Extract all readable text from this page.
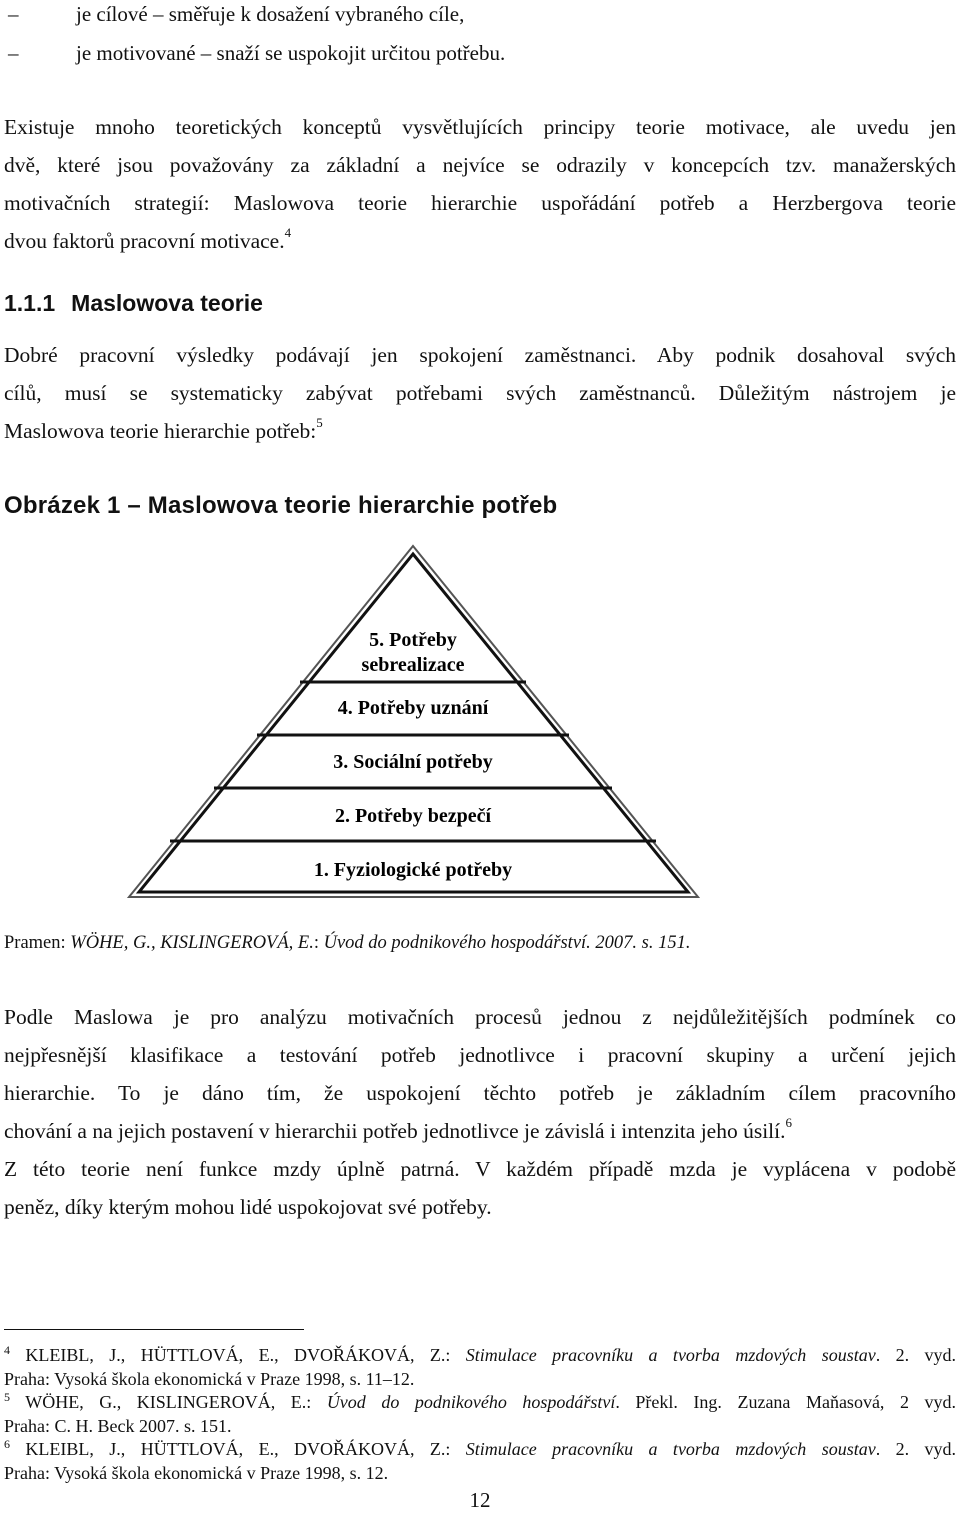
–	je cílové – směřuje k dosažení vybraného cíle,
–	je motivované – snaží se uspokojit určitou potřebu.
Existuje mnoho teoretických konceptů vysvětlujících principy teorie motivace, ale uvedu jen
dvě, které jsou považovány za základní a nejvíce se odrazily v koncepcích tzv. manažerských
motivačních strategií: Maslowova teorie hierarchie uspořádání potřeb a Herzbergova teorie
dvou faktorů pracovní motivace.$^4$
1.1.1 Maslowova teorie
Dobré pracovní výsledky podávají jen spokojení zaměstnanci. Aby podnik dosahoval svých
cílů, musí se systematicky zabývat potřebami svých zaměstnanců. Důležitým nástrojem je
Maslowova teorie hierarchie potřeb:$^5$
Obrázek 1 – Maslowova teorie hierarchie potřeb
5. Potřeby
sebrealizace
4. Potřeby uznání
3. Sociální potřeby
2. Potřeby bezpečí
1. Fyziologické potřeby
Pramen: WÖHE, G., KISLINGEROVÁ, E.: Úvod do podnikového hospodářství. 2007. s. 151.
Podle Maslowa je pro analýzu motivačních procesů jednou z nejdůležitějších podmínek co
nejpřesnější klasifikace a testování potřeb jednotlivce i pracovní skupiny a určení jejich
hierarchie. To je dáno tím, že uspokojení těchto potřeb je základním cílem pracovního
chování a na jejich postavení v hierarchii potřeb jednotlivce je závislá i intenzita jeho úsilí.$^6$
Z této teorie není funkce mzdy úplně patrná. V každém případě mzda je vyplácena v podobě
peněz, díky kterým mohou lidé uspokojovat své potřeby.
$^4$ KLEIBL, J., HÜTTLOVÁ, E., DVOŘÁKOVÁ, Z.: Stimulace pracovníku a tvorba mzdových soustav. 2. vyd.
Praha: Vysoká škola ekonomická v Praze 1998, s. 11–12.
$^5$ WÖHE, G., KISLINGEROVÁ, E.: Úvod do podnikového hospodářství. Překl. Ing. Zuzana Maňasová, 2 vyd.
Praha: C. H. Beck 2007. s. 151.
$^6$ KLEIBL, J., HÜTTLOVÁ, E., DVOŘÁKOVÁ, Z.: Stimulace pracovníku a tvorba mzdových soustav. 2. vyd.
Praha: Vysoká škola ekonomická v Praze 1998, s. 12.
12
